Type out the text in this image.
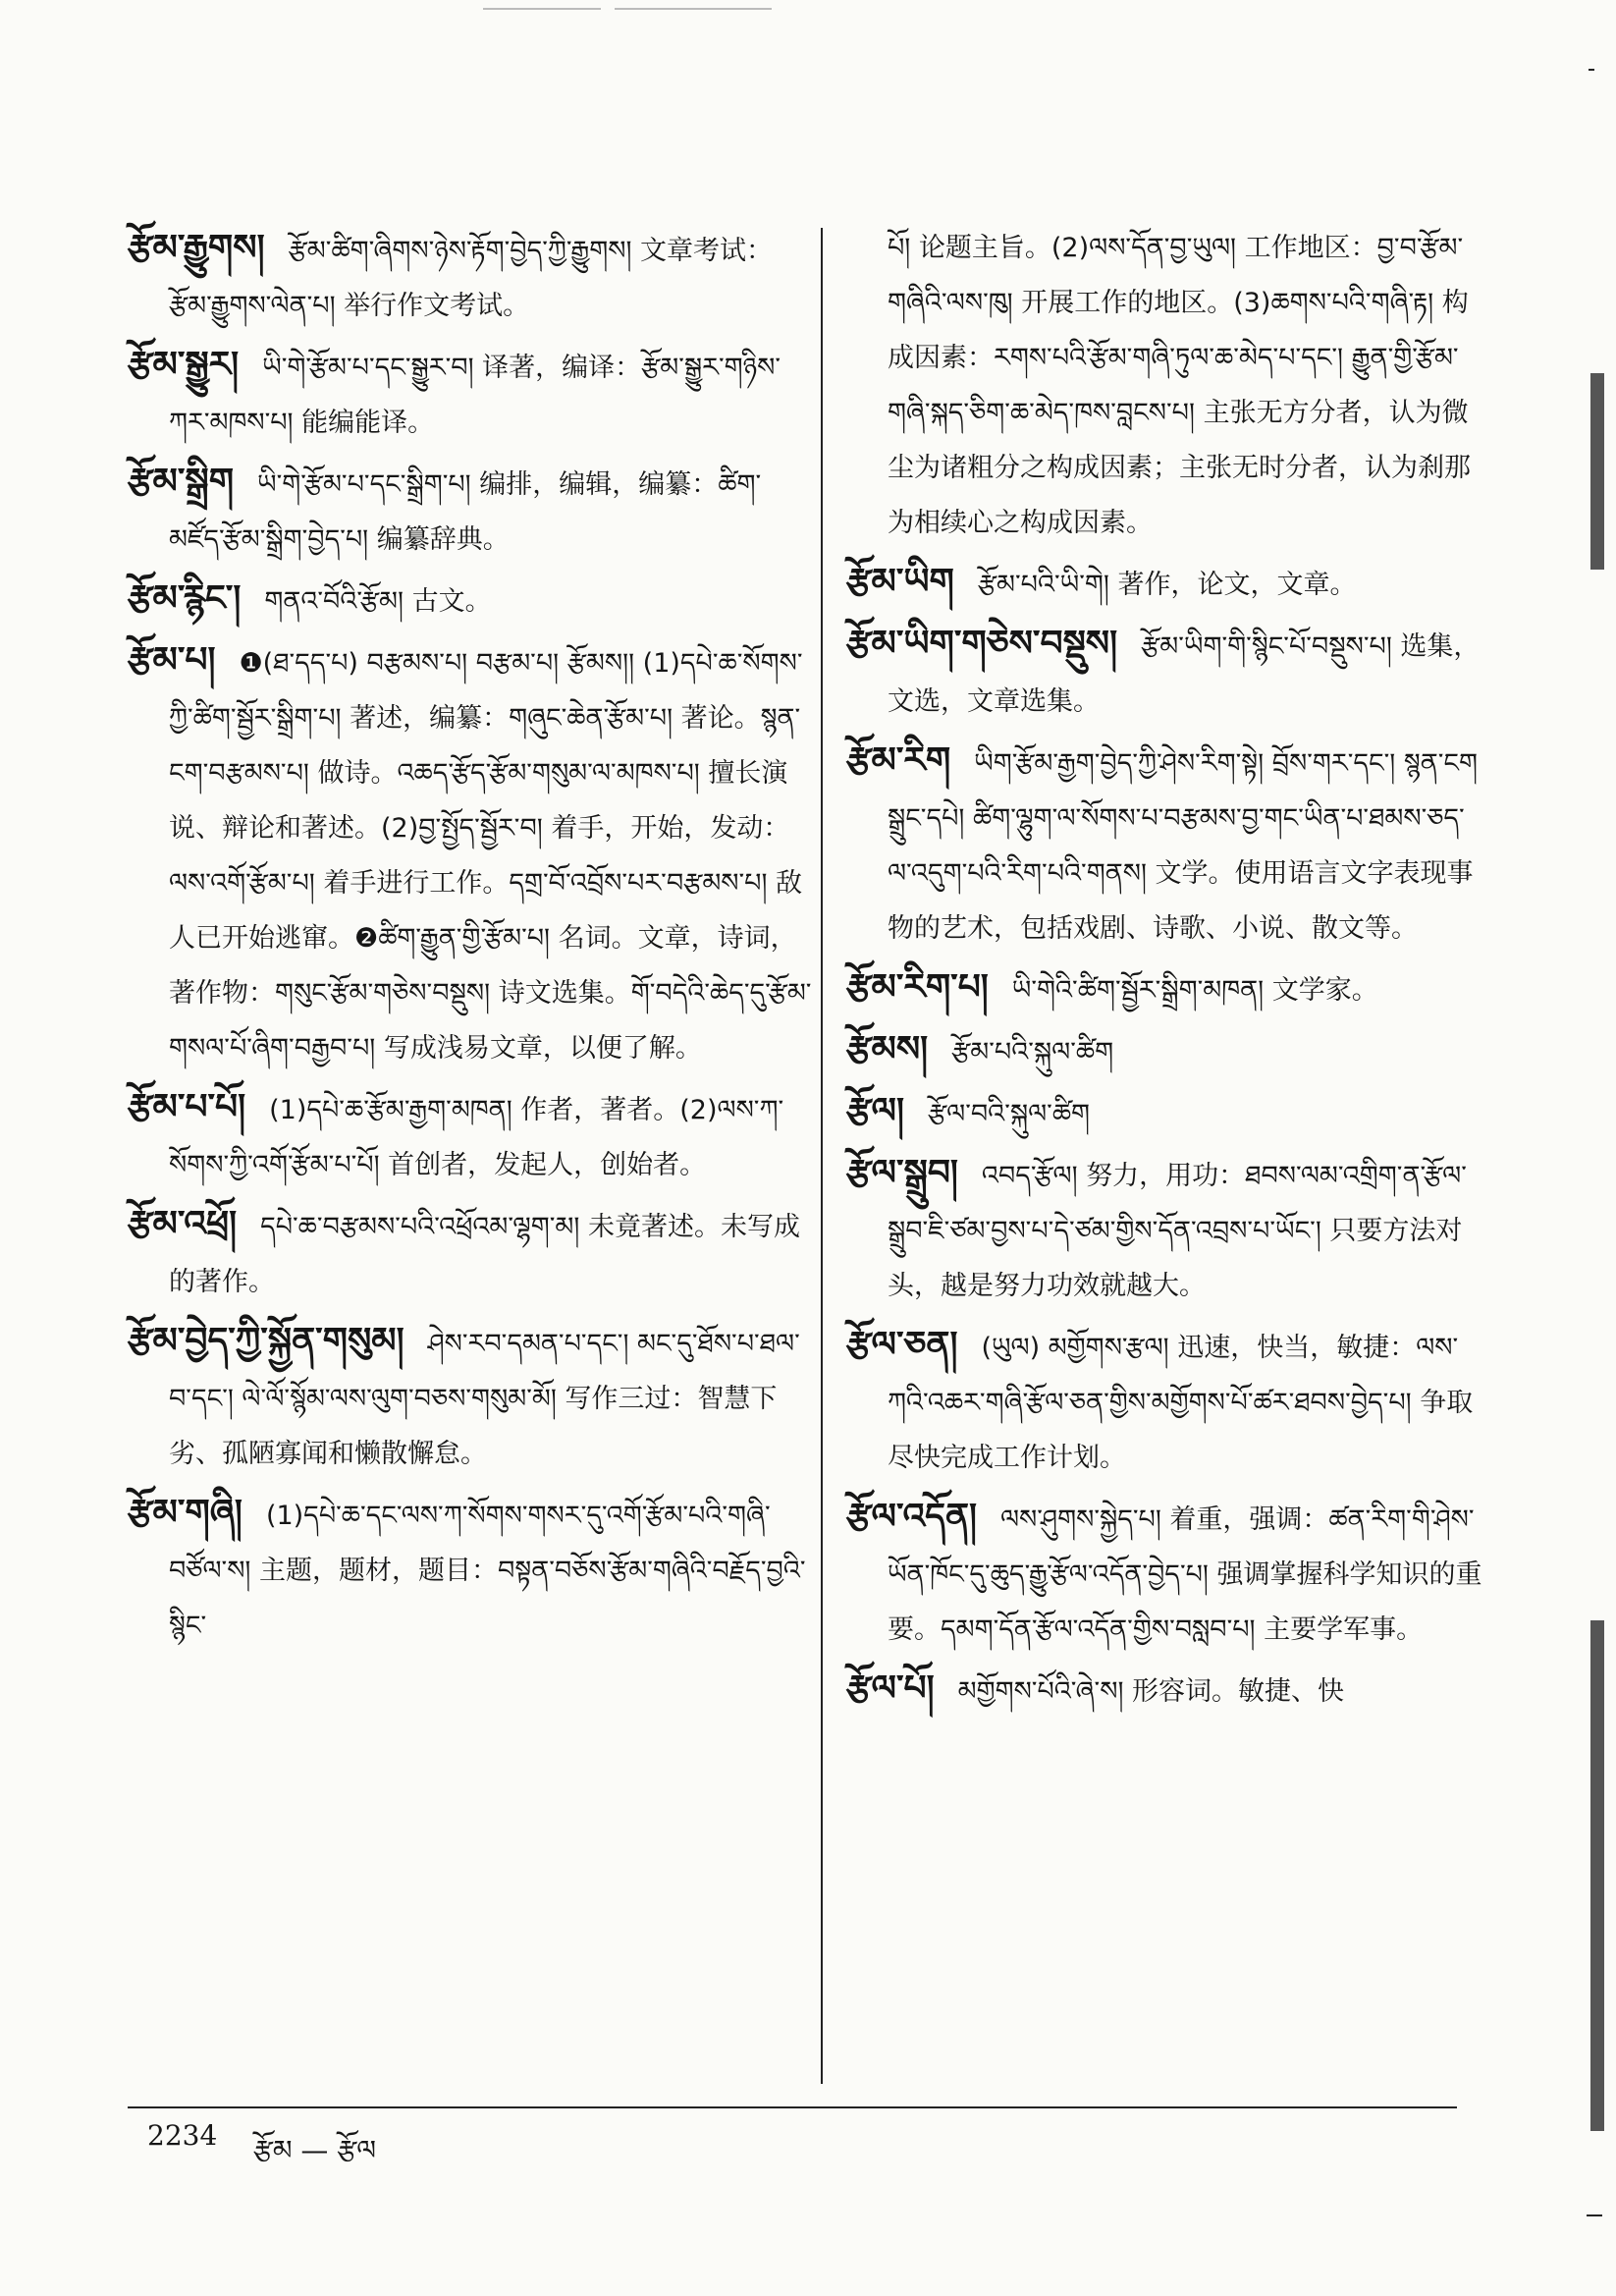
རྩོམ་རྒྱུགས། རྩོམ་ཚིག་ཞིགས་ཉེས་རྟོག་བྱེད་ཀྱི་རྒྱུགས། 文章考试：རྩོམ་རྒྱུགས་ལེན་པ། 举行作文考试。

རྩོམ་སྒྱུར། ཡི་གེ་རྩོམ་པ་དང་སྒྱུར་བ། 译著，编译：རྩོམ་སྒྱུར་གཉིས་ཀར་མཁས་པ། 能编能译。

རྩོམ་སྒྲིག ཡི་གེ་རྩོམ་པ་དང་སྒྲིག་པ། 编排，编辑，编纂：ཚིག་མཛོད་རྩོམ་སྒྲིག་བྱེད་པ། 编纂辞典。

རྩོམ་རྙིང་། གནའ་བོའི་རྩོམ། 古文。

རྩོམ་པ། ❶(ཐ་དད་པ) བརྩམས་པ། བརྩམ་པ། རྩོམས།། (1)དཔེ་ཆ་སོགས་ཀྱི་ཚིག་སྦྱོར་སྒྲིག་པ། 著述，编纂：གཞུང་ཆེན་རྩོམ་པ། 著论。སྙན་ངག་བརྩམས་པ། 做诗。འཆད་རྩོད་རྩོམ་གསུམ་ལ་མཁས་པ། 擅长演说、辩论和著述。(2)བྱ་སྤྱོད་སྦྱོར་བ། 着手，开始，发动：ལས་འགོ་རྩོམ་པ། 着手进行工作。དགྲ་བོ་འབྲོས་པར་བརྩམས་པ། 敌人已开始逃窜。❷ཚིག་རྒྱུན་གྱི་རྩོམ་པ། 名词。文章，诗词，著作物：གསུང་རྩོམ་གཅེས་བསྡུས། 诗文选集。གོ་བདེའི་ཆེད་དུ་རྩོམ་གསལ་པོ་ཞིག་བརྒྱབ་པ། 写成浅易文章，以便了解。

རྩོམ་པ་པོ། (1)དཔེ་ཆ་རྩོམ་རྒྱག་མཁན། 作者，著者。(2)ལས་ཀ་སོགས་ཀྱི་འགོ་རྩོམ་པ་པོ། 首创者，发起人，创始者。

རྩོམ་འཕྲོ། དཔེ་ཆ་བརྩམས་པའི་འཕྲོའམ་ལྷག་མ། 未竟著述。未写成的著作。

རྩོམ་བྱེད་ཀྱི་སྐྱོན་གསུམ། ཤེས་རབ་དམན་པ་དང་། མང་དུ་ཐོས་པ་ཐལ་བ་དང་། ལེ་ལོ་སྙོམ་ལས་ལུག་བཅས་གསུམ་མོ། 写作三过：智慧下劣、孤陋寡闻和懒散懈怠。

རྩོམ་གཞི། (1)དཔེ་ཆ་དང་ལས་ཀ་སོགས་གསར་དུ་འགོ་རྩོམ་པའི་གཞི་བཙོལ་ས། 主题，题材，题目：བསྟན་བཅོས་རྩོམ་གཞིའི་བརྗོད་བྱའི་སྙིང་

པོ། 论题主旨。(2)ལས་དོན་བྱ་ཡུལ། 工作地区：བྱ་བ་རྩོམ་གཞིའི་ལས་ཁུ། 开展工作的地区。(3)ཆགས་པའི་གཞི་རྟ། 构成因素：རགས་པའི་རྩོམ་གཞི་ཏུལ་ཆ་མེད་པ་དང་། རྒྱུན་གྱི་རྩོམ་གཞི་སྐད་ཅིག་ཆ་མེད་ཁས་བླངས་པ། 主张无方分者，认为微尘为诸粗分之构成因素；主张无时分者，认为刹那为相续心之构成因素。

རྩོམ་ཡིག རྩོམ་པའི་ཡི་གེ། 著作，论文，文章。

རྩོམ་ཡིག་གཅེས་བསྡུས། རྩོམ་ཡིག་གི་སྙིང་པོ་བསྡུས་པ། 选集，文选，文章选集。

རྩོམ་རིག ཡིག་རྩོམ་རྒྱག་བྱེད་ཀྱི་ཤེས་རིག་སྟེ། བྲོས་གར་དང་། སྙན་ངག སྒྲུང་དཔེ། ཚིག་ལྷུག་ལ་སོགས་པ་བརྩམས་བྱ་གང་ཡིན་པ་ཐམས་ཅད་ལ་འདུག་པའི་རིག་པའི་གནས། 文学。使用语言文字表现事物的艺术，包括戏剧、诗歌、小说、散文等。

རྩོམ་རིག་པ། ཡི་གེའི་ཚིག་སྦྱོར་སྒྲིག་མཁན། 文学家。

རྩོམས། རྩོམ་པའི་སྐུལ་ཚིག

རྩོལ། རྩོལ་བའི་སྐུལ་ཚིག

རྩོལ་སྒྲུབ། འབད་རྩོལ། 努力，用功：ཐབས་ལམ་འགྲིག་ན་རྩོལ་སྒྲུབ་ཇི་ཙམ་བྱས་པ་དེ་ཙམ་གྱིས་དོན་འབྲས་པ་ཡོང་། 只要方法对头，越是努力功效就越大。

རྩོལ་ཅན། (ཡུལ) མགྱོགས་རྩལ། 迅速，快当，敏捷：ལས་ཀའི་འཆར་གཞི་རྩོལ་ཅན་གྱིས་མགྱོགས་པོ་ཚར་ཐབས་བྱེད་པ། 争取尽快完成工作计划。

རྩོལ་འདོན། ལས་ཤུགས་སྐྱེད་པ། 着重，强调：ཚན་རིག་གི་ཤེས་ཡོན་ཁོང་དུ་ཆུད་རྒྱུ་རྩོལ་འདོན་བྱེད་པ། 强调掌握科学知识的重要。དམག་དོན་རྩོལ་འདོན་གྱིས་བསླབ་པ། 主要学军事。

རྩོལ་པོ། མགྱོགས་པོའི་ཞེ་ས། 形容词。敏捷、快

2234 རྩོམ — རྩོལ
